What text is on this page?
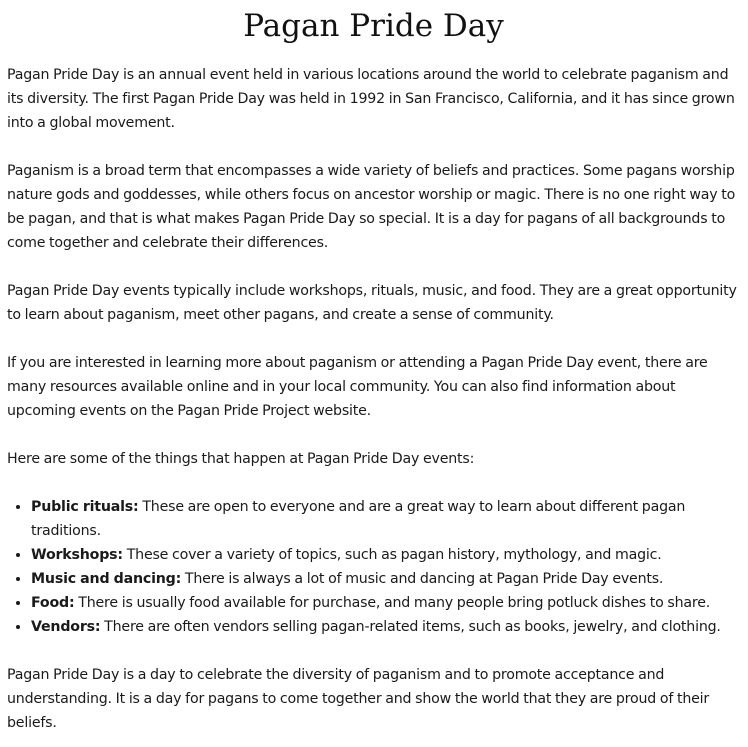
Pagan Pride Day

Pagan Pride Day is an annual event held in various locations around the world to celebrate paganism and its diversity. The first Pagan Pride Day was held in 1992 in San Francisco, California, and it has since grown into a global movement.

Paganism is a broad term that encompasses a wide variety of beliefs and practices. Some pagans worship nature gods and goddesses, while others focus on ancestor worship or magic. There is no one right way to be pagan, and that is what makes Pagan Pride Day so special. It is a day for pagans of all backgrounds to come together and celebrate their differences.

Pagan Pride Day events typically include workshops, rituals, music, and food. They are a great opportunity to learn about paganism, meet other pagans, and create a sense of community.

If you are interested in learning more about paganism or attending a Pagan Pride Day event, there are many resources available online and in your local community. You can also find information about upcoming events on the Pagan Pride Project website.

Here are some of the things that happen at Pagan Pride Day events:

• Public rituals: These are open to everyone and are a great way to learn about different pagan traditions.
• Workshops: These cover a variety of topics, such as pagan history, mythology, and magic.
• Music and dancing: There is always a lot of music and dancing at Pagan Pride Day events.
• Food: There is usually food available for purchase, and many people bring potluck dishes to share.
• Vendors: There are often vendors selling pagan-related items, such as books, jewelry, and clothing.

Pagan Pride Day is a day to celebrate the diversity of paganism and to promote acceptance and understanding. It is a day for pagans to come together and show the world that they are proud of their beliefs.
